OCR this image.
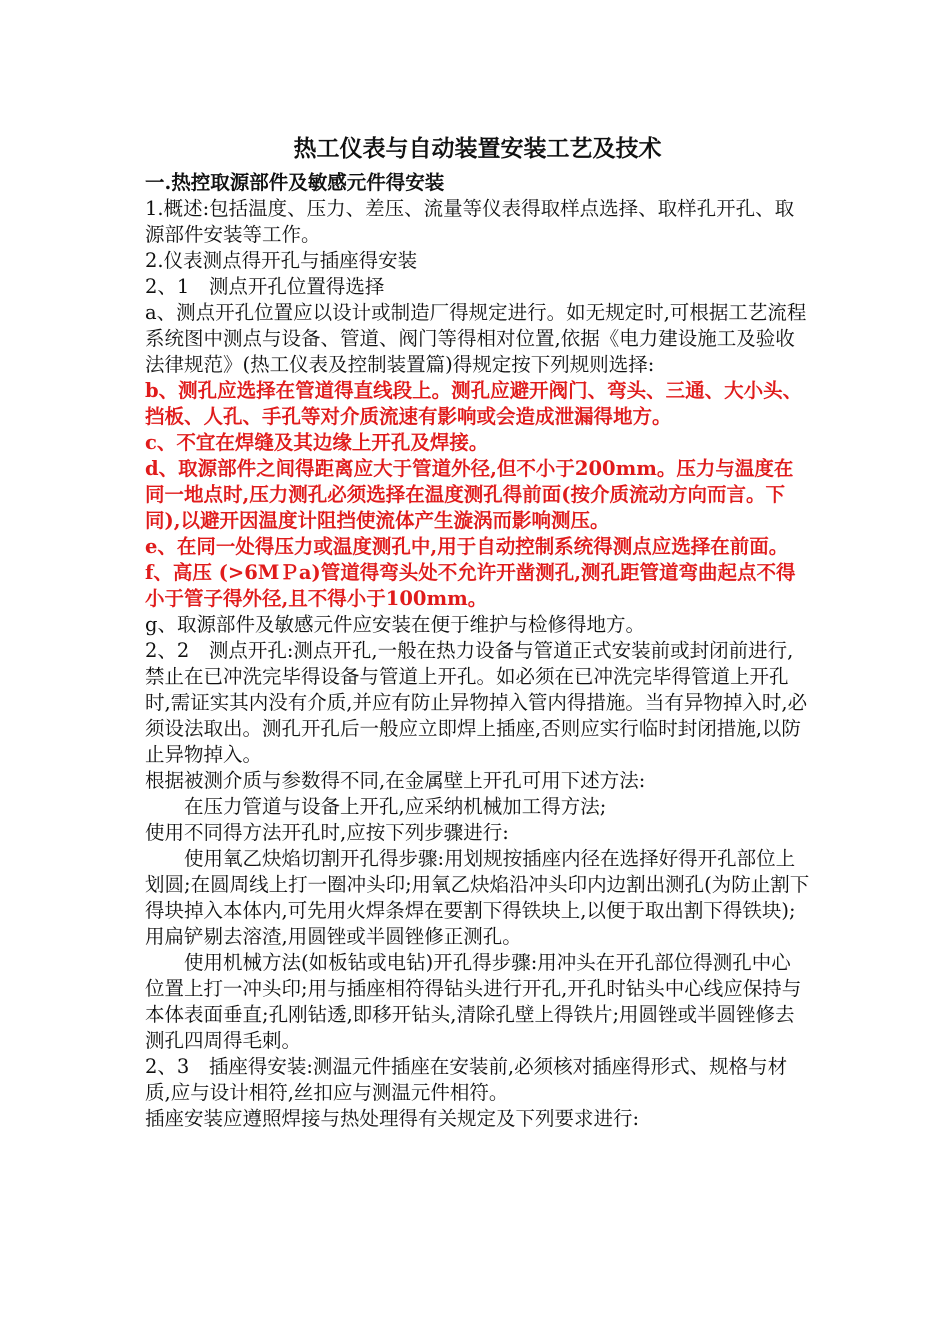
热工仪表与自动装置安装工艺及技术

一.热控取源部件及敏感元件得安装

1.概述:包括温度、压力、差压、流量等仪表得取样点选择、取样孔开孔、取源部件安装等工作。

2.仪表测点得开孔与插座得安装

2、1　测点开孔位置得选择

a、测点开孔位置应以设计或制造厂得规定进行。如无规定时,可根据工艺流程系统图中测点与设备、管道、阀门等得相对位置,依据《电力建设施工及验收法律规范》(热工仪表及控制装置篇)得规定按下列规则选择:

b、测孔应选择在管道得直线段上。测孔应避开阀门、弯头、三通、大小头、挡板、人孔、手孔等对介质流速有影响或会造成泄漏得地方。

c、不宜在焊缝及其边缘上开孔及焊接。

d、取源部件之间得距离应大于管道外径,但不小于200mm。压力与温度在同一地点时,压力测孔必须选择在温度测孔得前面(按介质流动方向而言。下同),以避开因温度计阻挡使流体产生漩涡而影响测压。

e、在同一处得压力或温度测孔中,用于自动控制系统得测点应选择在前面。

f、高压 (>6MＰa)管道得弯头处不允许开凿测孔,测孔距管道弯曲起点不得小于管子得外径,且不得小于100mm。

g、取源部件及敏感元件应安装在便于维护与检修得地方。

2、2　测点开孔:测点开孔,一般在热力设备与管道正式安装前或封闭前进行,禁止在已冲洗完毕得设备与管道上开孔。如必须在已冲洗完毕得管道上开孔时,需证实其内没有介质,并应有防止异物掉入管内得措施。当有异物掉入时,必须设法取出。测孔开孔后一般应立即焊上插座,否则应实行临时封闭措施,以防止异物掉入。

根据被测介质与参数得不同,在金属壁上开孔可用下述方法:

在压力管道与设备上开孔,应采纳机械加工得方法;

使用不同得方法开孔时,应按下列步骤进行:

使用氧乙炔焰切割开孔得步骤:用划规按插座内径在选择好得开孔部位上划圆;在圆周线上打一圈冲头印;用氧乙炔焰沿冲头印内边割出测孔(为防止割下得块掉入本体内,可先用火焊条焊在要割下得铁块上,以便于取出割下得铁块);用扁铲剔去溶渣,用圆锉或半圆锉修正测孔。

使用机械方法(如板钻或电钻)开孔得步骤:用冲头在开孔部位得测孔中心位置上打一冲头印;用与插座相符得钻头进行开孔,开孔时钻头中心线应保持与本体表面垂直;孔刚钻透,即移开钻头,清除孔壁上得铁片;用圆锉或半圆锉修去测孔四周得毛刺。

2、3　插座得安装:测温元件插座在安装前,必须核对插座得形式、规格与材质,应与设计相符,丝扣应与测温元件相符。

插座安装应遵照焊接与热处理得有关规定及下列要求进行:
